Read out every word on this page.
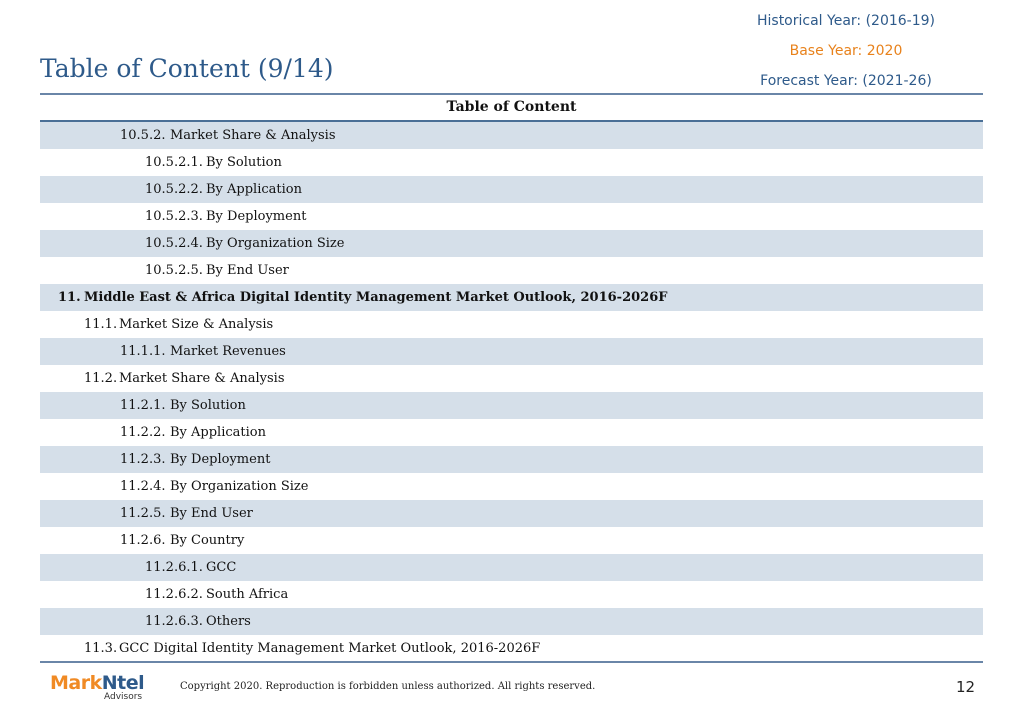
Table of Content (9/14)
Historical Year: (2016-19)
Base Year: 2020
Forecast Year: (2021-26)
Table of Content
10.5.2. Market Share & Analysis
10.5.2.1. By Solution
10.5.2.2. By Application
10.5.2.3. By Deployment
10.5.2.4. By Organization Size
10.5.2.5. By End User
11. Middle East & Africa Digital Identity Management Market Outlook, 2016-2026F
11.1. Market Size & Analysis
11.1.1. Market Revenues
11.2. Market Share & Analysis
11.2.1. By Solution
11.2.2. By Application
11.2.3. By Deployment
11.2.4. By Organization Size
11.2.5. By End User
11.2.6. By Country
11.2.6.1. GCC
11.2.6.2. South Africa
11.2.6.3. Others
11.3. GCC Digital Identity Management Market Outlook, 2016-2026F
MarkNtel
Advisors
Copyright 2020. Reproduction is forbidden unless authorized. All rights reserved.	12
